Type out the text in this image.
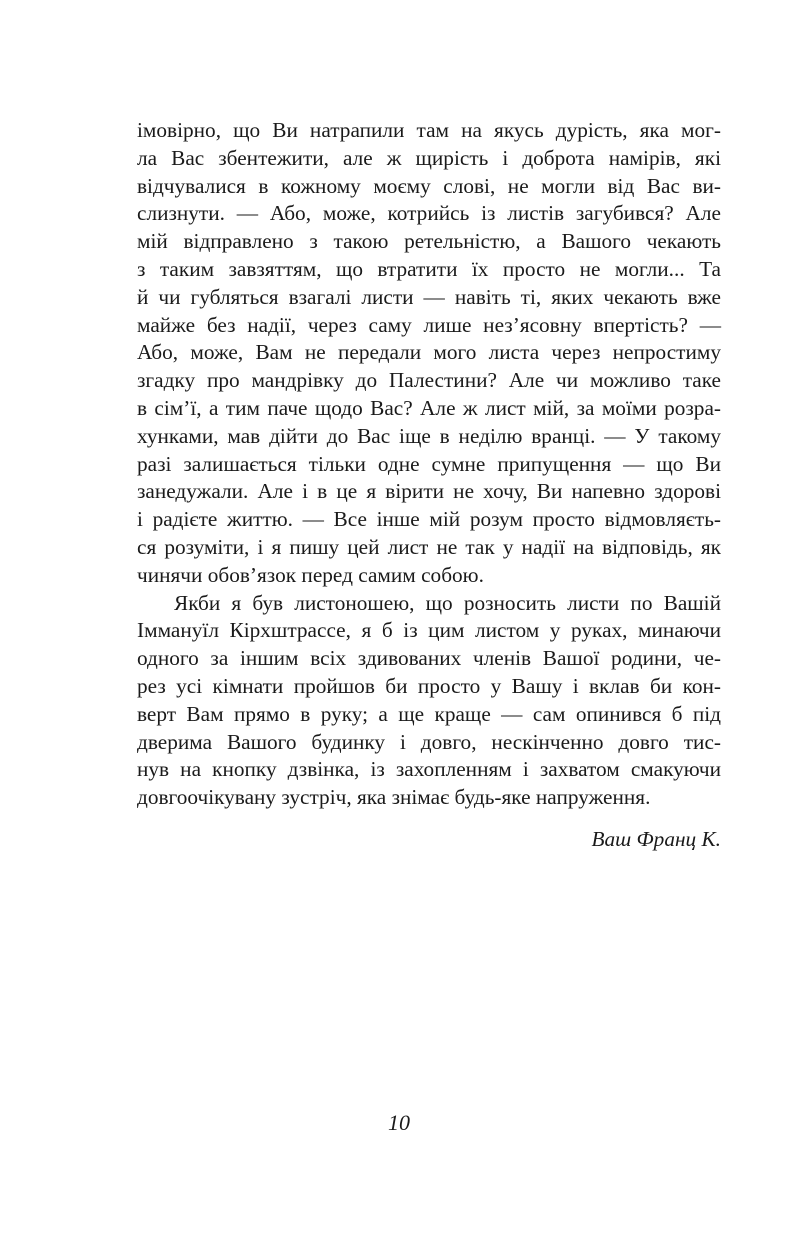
імовірно, що Ви натрапили там на якусь дурість, яка мог-
ла Вас збентежити, але ж щирість і доброта намірів, які
відчувалися в кожному моєму слові, не могли від Вас ви-
слизнути. — Або, може, котрийсь із листів загубився? Але
мій відправлено з такою ретельністю, а Вашого чекають
з таким завзяттям, що втратити їх просто не могли... Та
й чи губляться взагалі листи — навіть ті, яких чекають вже
майже без надії, через саму лише нез’ясовну впертість? —
Або, може, Вам не передали мого листа через непростиму
згадку про мандрівку до Палестини? Але чи можливо таке
в сім’ї, а тим паче щодо Вас? Але ж лист мій, за моїми розра-
хунками, мав дійти до Вас іще в неділю вранці. — У такому
разі залишається тільки одне сумне припущення — що Ви
занедужали. Але і в це я вірити не хочу, Ви напевно здорові
і радієте життю. — Все інше мій розум просто відмовляєть-
ся розуміти, і я пишу цей лист не так у надії на відповідь, як
чинячи обов’язок перед самим собою.
Якби я був листоношею, що розносить листи по Вашій
Іммануїл Кірхштрассе, я б із цим листом у руках, минаючи
одного за іншим всіх здивованих членів Вашої родини, че-
рез усі кімнати пройшов би просто у Вашу і вклав би кон-
верт Вам прямо в руку; а ще краще — сам опинився б під
дверима Вашого будинку і довго, нескінченно довго тис-
нув на кнопку дзвінка, із захопленням і захватом смакуючи
довгоочікувану зустріч, яка знімає будь-яке напруження.
Ваш Франц К.
10
